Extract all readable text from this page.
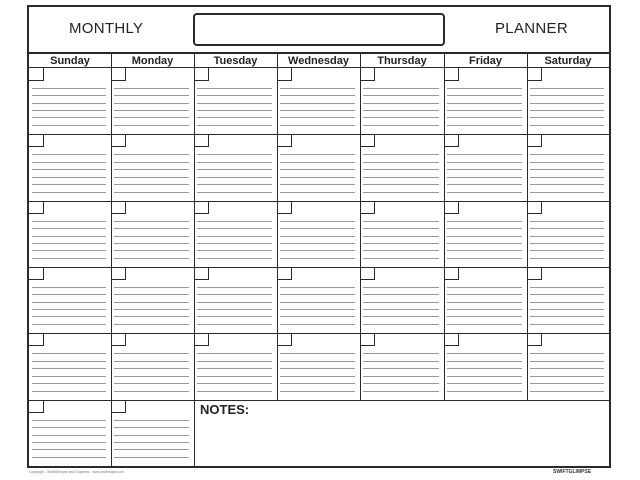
MONTHLY	PLANNER
Sunday	Monday	Tuesday	Wednesday	Thursday	Friday	Saturday
NOTES:
Copyright - SwiftGlimpse and Graphics - www.swiftmaps.com	SWIFTGLIMPSE
